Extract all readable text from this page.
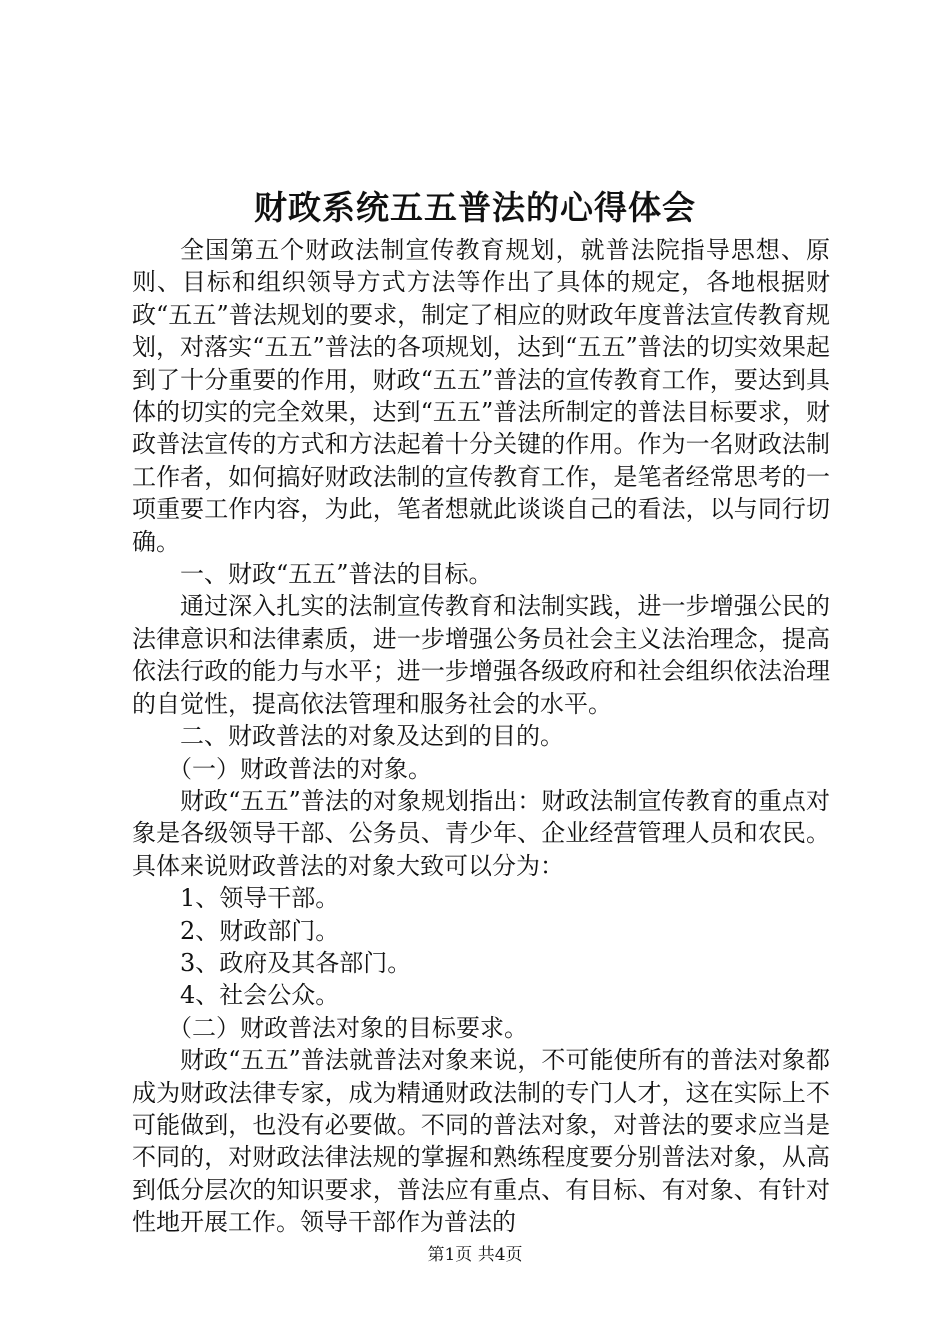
财政系统五五普法的心得体会

全国第五个财政法制宣传教育规划，就普法院指导思想、原则、目标和组织领导方式方法等作出了具体的规定，各地根据财政“五五”普法规划的要求，制定了相应的财政年度普法宣传教育规划，对落实“五五”普法的各项规划，达到“五五”普法的切实效果起到了十分重要的作用，财政“五五”普法的宣传教育工作，要达到具体的切实的完全效果，达到“五五”普法所制定的普法目标要求，财政普法宣传的方式和方法起着十分关键的作用。作为一名财政法制工作者，如何搞好财政法制的宣传教育工作，是笔者经常思考的一项重要工作内容，为此，笔者想就此谈谈自己的看法，以与同行切确。

一、财政“五五”普法的目标。

通过深入扎实的法制宣传教育和法制实践，进一步增强公民的法律意识和法律素质，进一步增强公务员社会主义法治理念，提高依法行政的能力与水平；进一步增强各级政府和社会组织依法治理的自觉性，提高依法管理和服务社会的水平。

二、财政普法的对象及达到的目的。

（一）财政普法的对象。

财政“五五”普法的对象规划指出：财政法制宣传教育的重点对象是各级领导干部、公务员、青少年、企业经营管理人员和农民。具体来说财政普法的对象大致可以分为：

1、领导干部。

2、财政部门。

3、政府及其各部门。

4、社会公众。

（二）财政普法对象的目标要求。

财政“五五”普法就普法对象来说，不可能使所有的普法对象都成为财政法律专家，成为精通财政法制的专门人才，这在实际上不可能做到，也没有必要做。不同的普法对象，对普法的要求应当是不同的，对财政法律法规的掌握和熟练程度要分别普法对象，从高到低分层次的知识要求，普法应有重点、有目标、有对象、有针对性地开展工作。领导干部作为普法的

第1页 共4页
